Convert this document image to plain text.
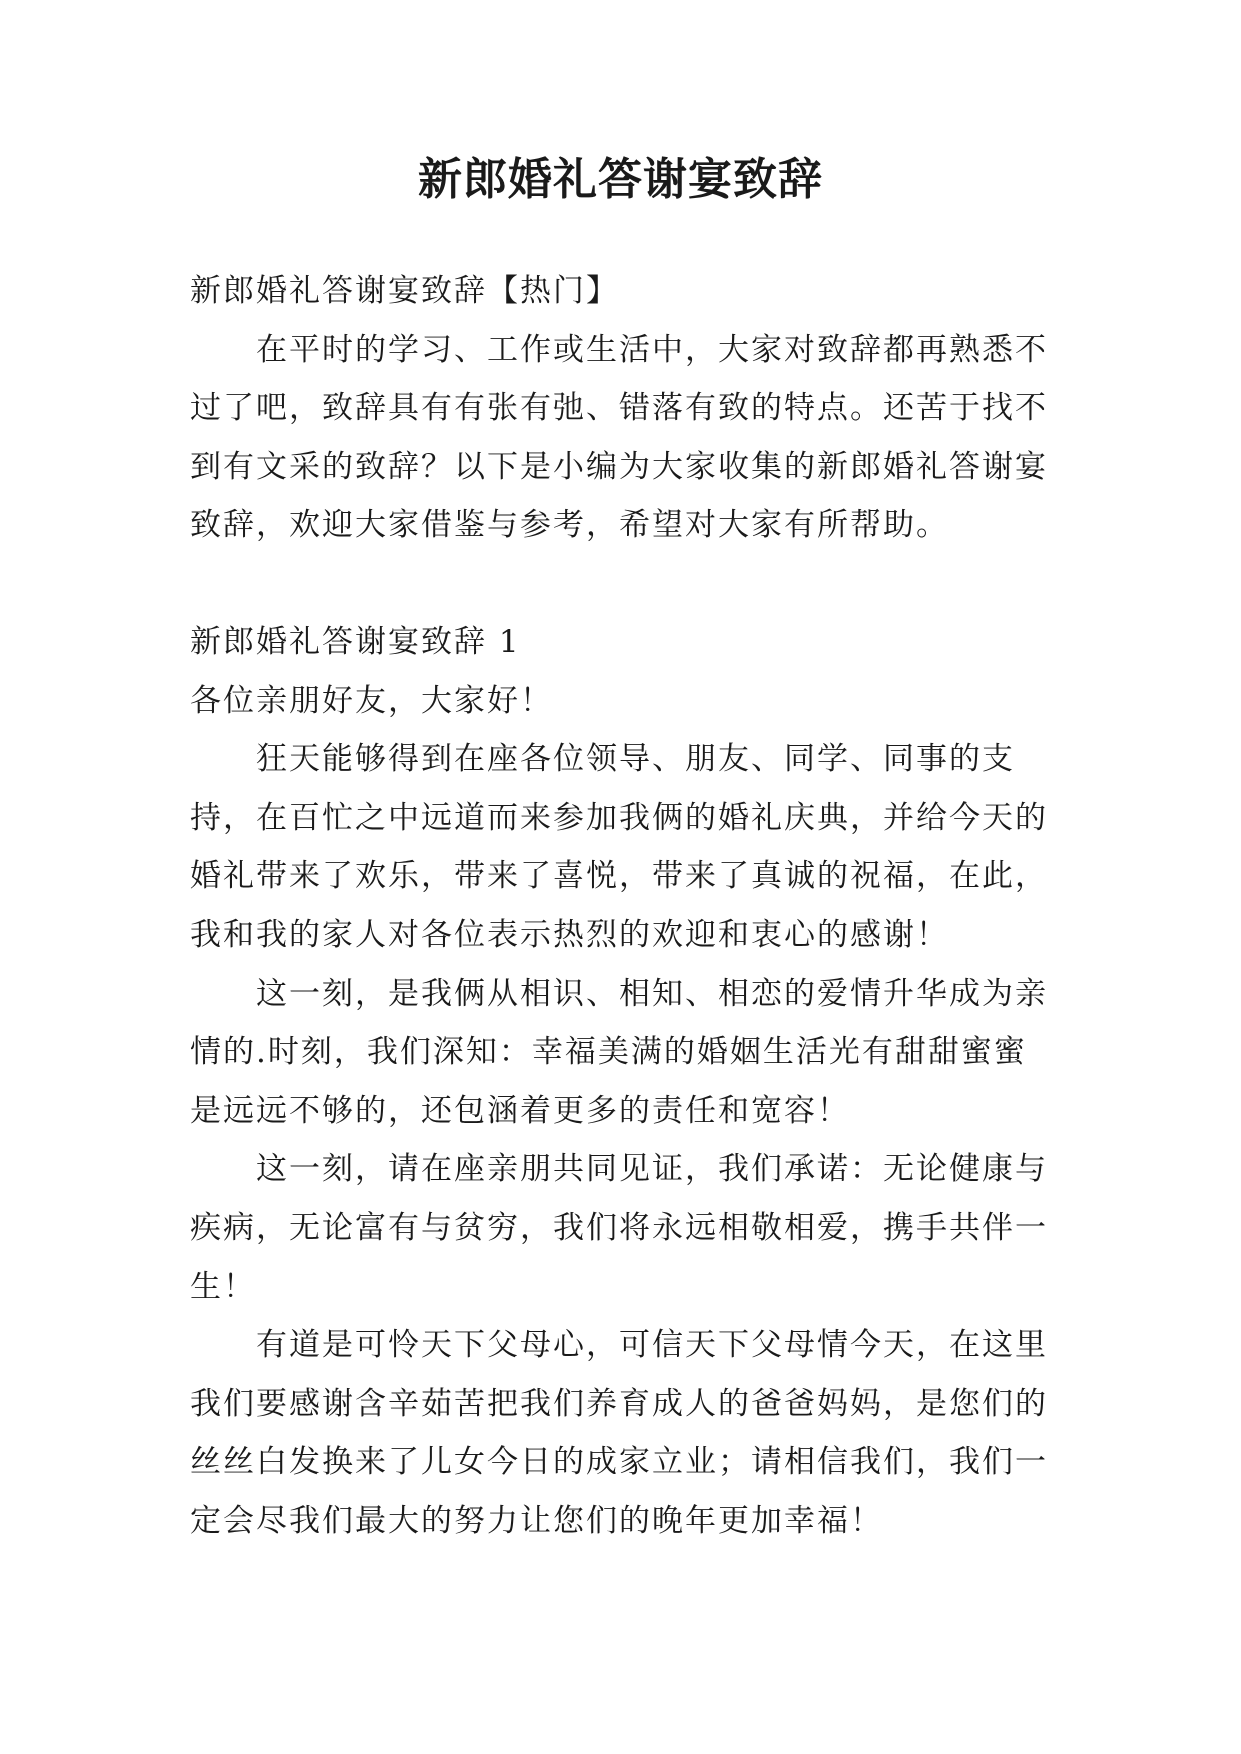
新郎婚礼答谢宴致辞

新郎婚礼答谢宴致辞【热门】

在平时的学习、工作或生活中，大家对致辞都再熟悉不过了吧，致辞具有有张有弛、错落有致的特点。还苦于找不到有文采的致辞？以下是小编为大家收集的新郎婚礼答谢宴致辞，欢迎大家借鉴与参考，希望对大家有所帮助。

新郎婚礼答谢宴致辞 1

各位亲朋好友，大家好！

狂天能够得到在座各位领导、朋友、同学、同事的支持，在百忙之中远道而来参加我俩的婚礼庆典，并给今天的婚礼带来了欢乐，带来了喜悦，带来了真诚的祝福，在此，我和我的家人对各位表示热烈的欢迎和衷心的感谢！

这一刻，是我俩从相识、相知、相恋的爱情升华成为亲情的.时刻，我们深知：幸福美满的婚姻生活光有甜甜蜜蜜是远远不够的，还包涵着更多的责任和宽容！

这一刻，请在座亲朋共同见证，我们承诺：无论健康与疾病，无论富有与贫穷，我们将永远相敬相爱，携手共伴一生！

有道是可怜天下父母心，可信天下父母情今天，在这里我们要感谢含辛茹苦把我们养育成人的爸爸妈妈，是您们的丝丝白发换来了儿女今日的成家立业；请相信我们，我们一定会尽我们最大的努力让您们的晚年更加幸福！
